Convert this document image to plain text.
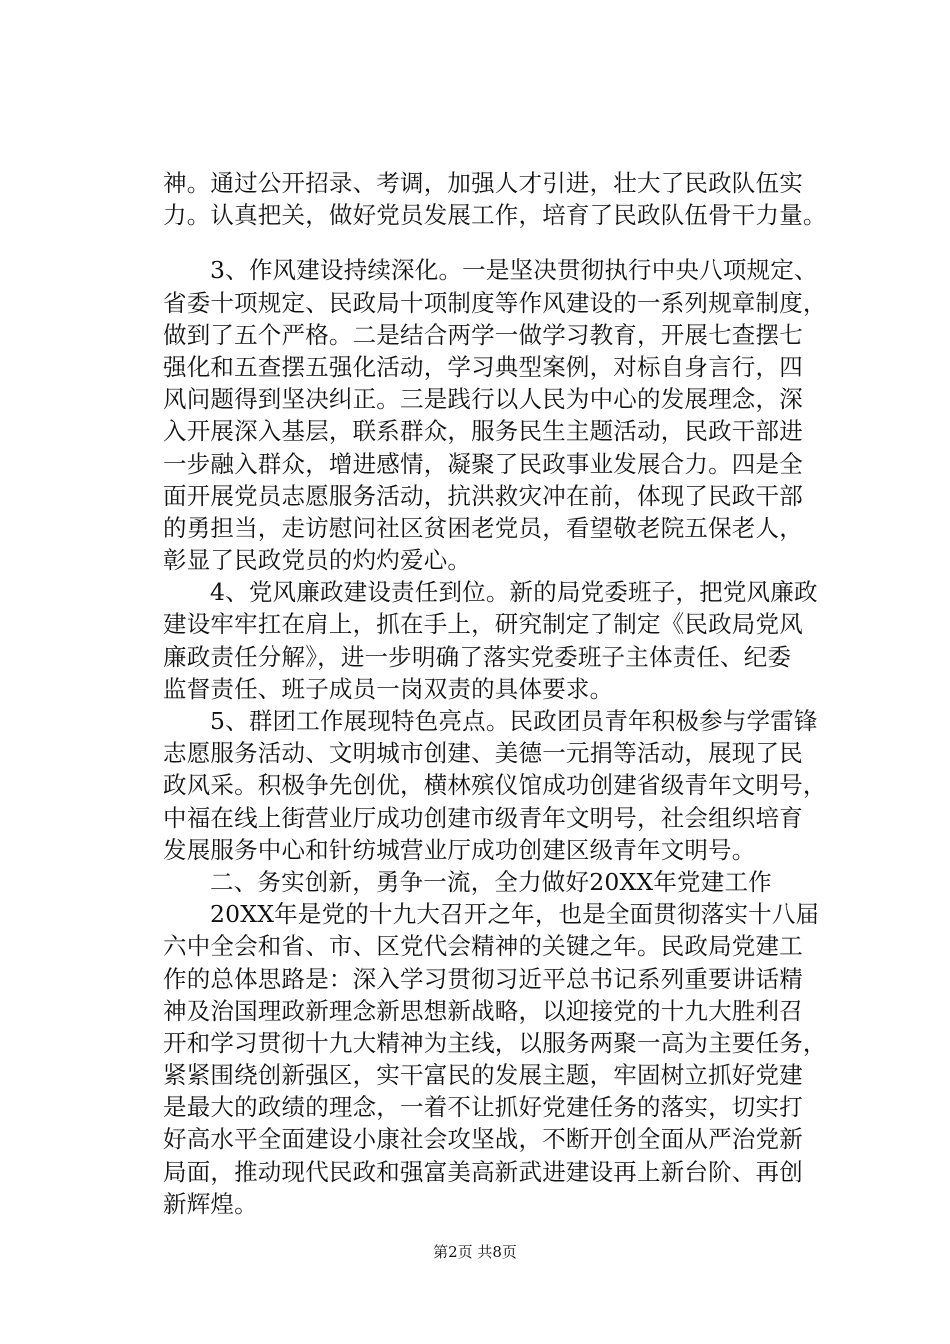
神。通过公开招录、考调，加强人才引进，壮大了民政队伍实
力。认真把关，做好党员发展工作，培育了民政队伍骨干力量。
3、作风建设持续深化。一是坚决贯彻执行中央八项规定、
省委十项规定、民政局十项制度等作风建设的一系列规章制度，
做到了五个严格。二是结合两学一做学习教育，开展七查摆七
强化和五查摆五强化活动，学习典型案例，对标自身言行，四
风问题得到坚决纠正。三是践行以人民为中心的发展理念，深
入开展深入基层，联系群众，服务民生主题活动，民政干部进
一步融入群众，增进感情，凝聚了民政事业发展合力。四是全
面开展党员志愿服务活动，抗洪救灾冲在前，体现了民政干部
的勇担当，走访慰问社区贫困老党员，看望敬老院五保老人，
彰显了民政党员的灼灼爱心。
4、党风廉政建设责任到位。新的局党委班子，把党风廉政
建设牢牢扛在肩上，抓在手上，研究制定了制定《民政局党风
廉政责任分解》，进一步明确了落实党委班子主体责任、纪委
监督责任、班子成员一岗双责的具体要求。
5、群团工作展现特色亮点。民政团员青年积极参与学雷锋
志愿服务活动、文明城市创建、美德一元捐等活动，展现了民
政风采。积极争先创优，横林殡仪馆成功创建省级青年文明号，
中福在线上街营业厅成功创建市级青年文明号，社会组织培育
发展服务中心和针纺城营业厅成功创建区级青年文明号。
二、务实创新，勇争一流，全力做好20XX年党建工作
20XX年是党的十九大召开之年，也是全面贯彻落实十八届
六中全会和省、市、区党代会精神的关键之年。民政局党建工
作的总体思路是：深入学习贯彻习近平总书记系列重要讲话精
神及治国理政新理念新思想新战略，以迎接党的十九大胜利召
开和学习贯彻十九大精神为主线，以服务两聚一高为主要任务，
紧紧围绕创新强区，实干富民的发展主题，牢固树立抓好党建
是最大的政绩的理念，一着不让抓好党建任务的落实，切实打
好高水平全面建设小康社会攻坚战，不断开创全面从严治党新
局面，推动现代民政和强富美高新武进建设再上新台阶、再创
新辉煌。
第2页 共8页
